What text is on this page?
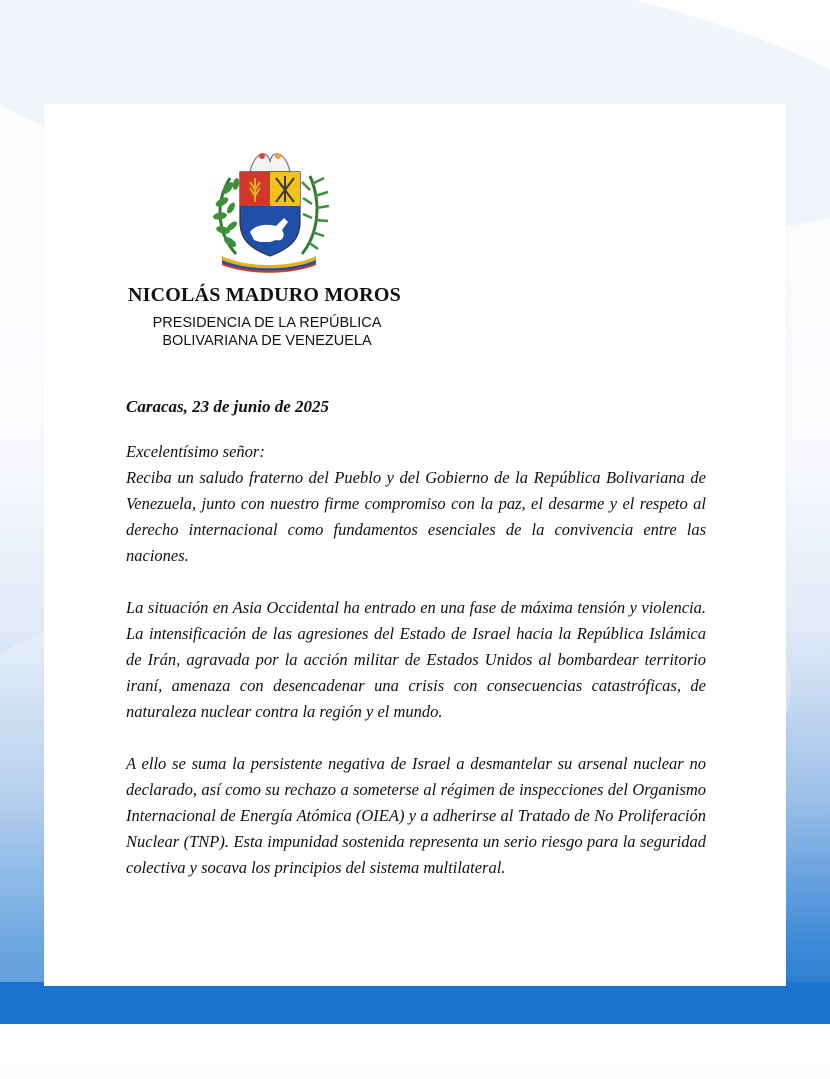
NICOLÁS MADURO MOROS
PRESIDENCIA DE LA REPÚBLICA
BOLIVARIANA DE VENEZUELA
Caracas, 23 de junio de 2025

Excelentísimo señor:
Reciba un saludo fraterno del Pueblo y del Gobierno de la República Bolivariana de Venezuela, junto con nuestro firme compromiso con la paz, el desarme y el respeto al derecho internacional como fundamentos esenciales de la convivencia entre las naciones.

La situación en Asia Occidental ha entrado en una fase de máxima tensión y violencia. La intensificación de las agresiones del Estado de Israel hacia la República Islámica de Irán, agravada por la acción militar de Estados Unidos al bombardear territorio iraní, amenaza con desencadenar una crisis con consecuencias catastróficas, de naturaleza nuclear contra la región y el mundo.

A ello se suma la persistente negativa de Israel a desmantelar su arsenal nuclear no declarado, así como su rechazo a someterse al régimen de inspecciones del Organismo Internacional de Energía Atómica (OIEA) y a adherirse al Tratado de No Proliferación Nuclear (TNP). Esta impunidad sostenida representa un serio riesgo para la seguridad colectiva y socava los principios del sistema multilateral.
